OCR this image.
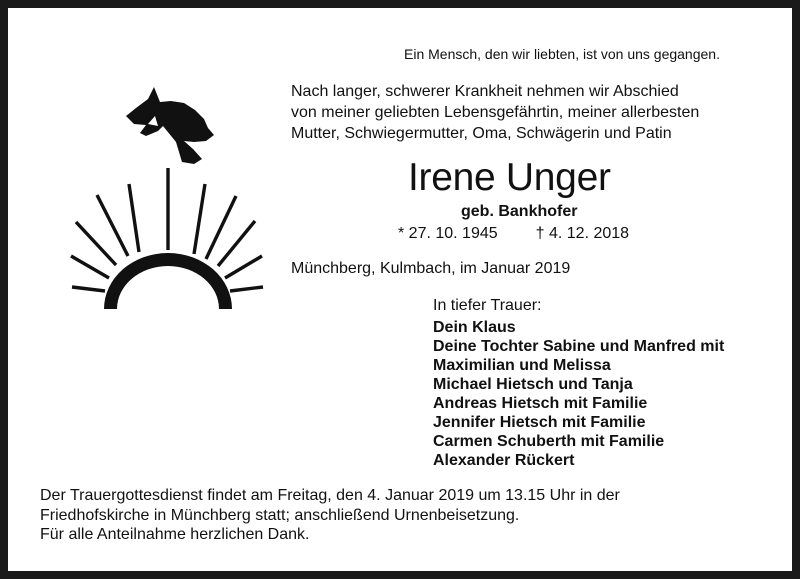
Ein Mensch, den wir liebten, ist von uns gegangen.
Nach langer, schwerer Krankheit nehmen wir Abschied
von meiner geliebten Lebensgefährtin, meiner allerbesten
Mutter, Schwiegermutter, Oma, Schwägerin und Patin
Irene Unger
geb. Bankhofer
* 27. 10. 1945 † 4. 12. 2018
Münchberg, Kulmbach, im Januar 2019
In tiefer Trauer:
Dein Klaus
Deine Tochter Sabine und Manfred mit
Maximilian und Melissa
Michael Hietsch und Tanja
Andreas Hietsch mit Familie
Jennifer Hietsch mit Familie
Carmen Schuberth mit Familie
Alexander Rückert
Der Trauergottesdienst findet am Freitag, den 4. Januar 2019 um 13.15 Uhr in der
Friedhofskirche in Münchberg statt; anschließend Urnenbeisetzung.
Für alle Anteilnahme herzlichen Dank.
